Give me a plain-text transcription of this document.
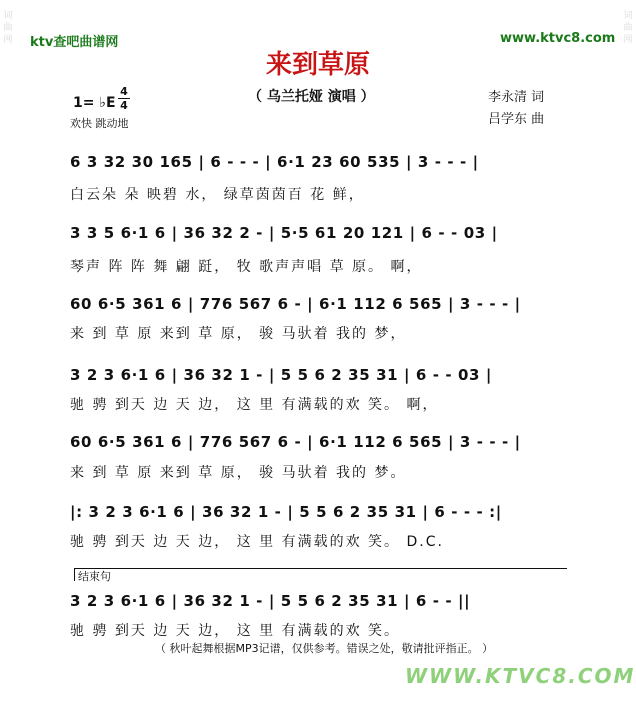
词曲网
词曲网
ktv查吧曲谱网	www.ktvc8.com
来到草原
（ 乌兰托娅 演唱 ）	李永清 词
吕学东 曲
1= ♭E
4
4
欢快 跳动地
6 3 32 30 165 | 6 - - - | 6·1 23 60 535 | 3 - - - |
白云朵 朵 映碧 水， 绿草茵茵百 花 鲜，
3 3 5 6·1 6 | 36 32 2 - | 5·5 61 20 121 | 6 - - 03 |
琴声 阵 阵 舞 翩 跹， 牧 歌声声唱 草 原。 啊，
60 6·5 361 6 | 776 567 6 - | 6·1 112 6 565 | 3 - - - |
来 到 草 原 来到 草 原， 骏 马驮着 我的 梦，
3 2 3 6·1 6 | 36 32 1 - | 5 5 6 2 35 31 | 6 - - 03 |
驰 骋 到天 边 天 边， 这 里 有满载的欢 笑。 啊，
60 6·5 361 6 | 776 567 6 - | 6·1 112 6 565 | 3 - - - |
来 到 草 原 来到 草 原， 骏 马驮着 我的 梦。
|: 3 2 3 6·1 6 | 36 32 1 - | 5 5 6 2 35 31 | 6 - - - :|
驰 骋 到天 边 天 边， 这 里 有满载的欢 笑。 D.C.
结束句
3 2 3 6·1 6 | 36 32 1 - | 5 5 6 2 35 31 | 6 - - ||
驰 骋 到天 边 天 边， 这 里 有满载的欢 笑。
（ 秋叶起舞根据MP3记谱，仅供参考。错误之处，敬请批评指正。 ）
WWW.KTVC8.COM
